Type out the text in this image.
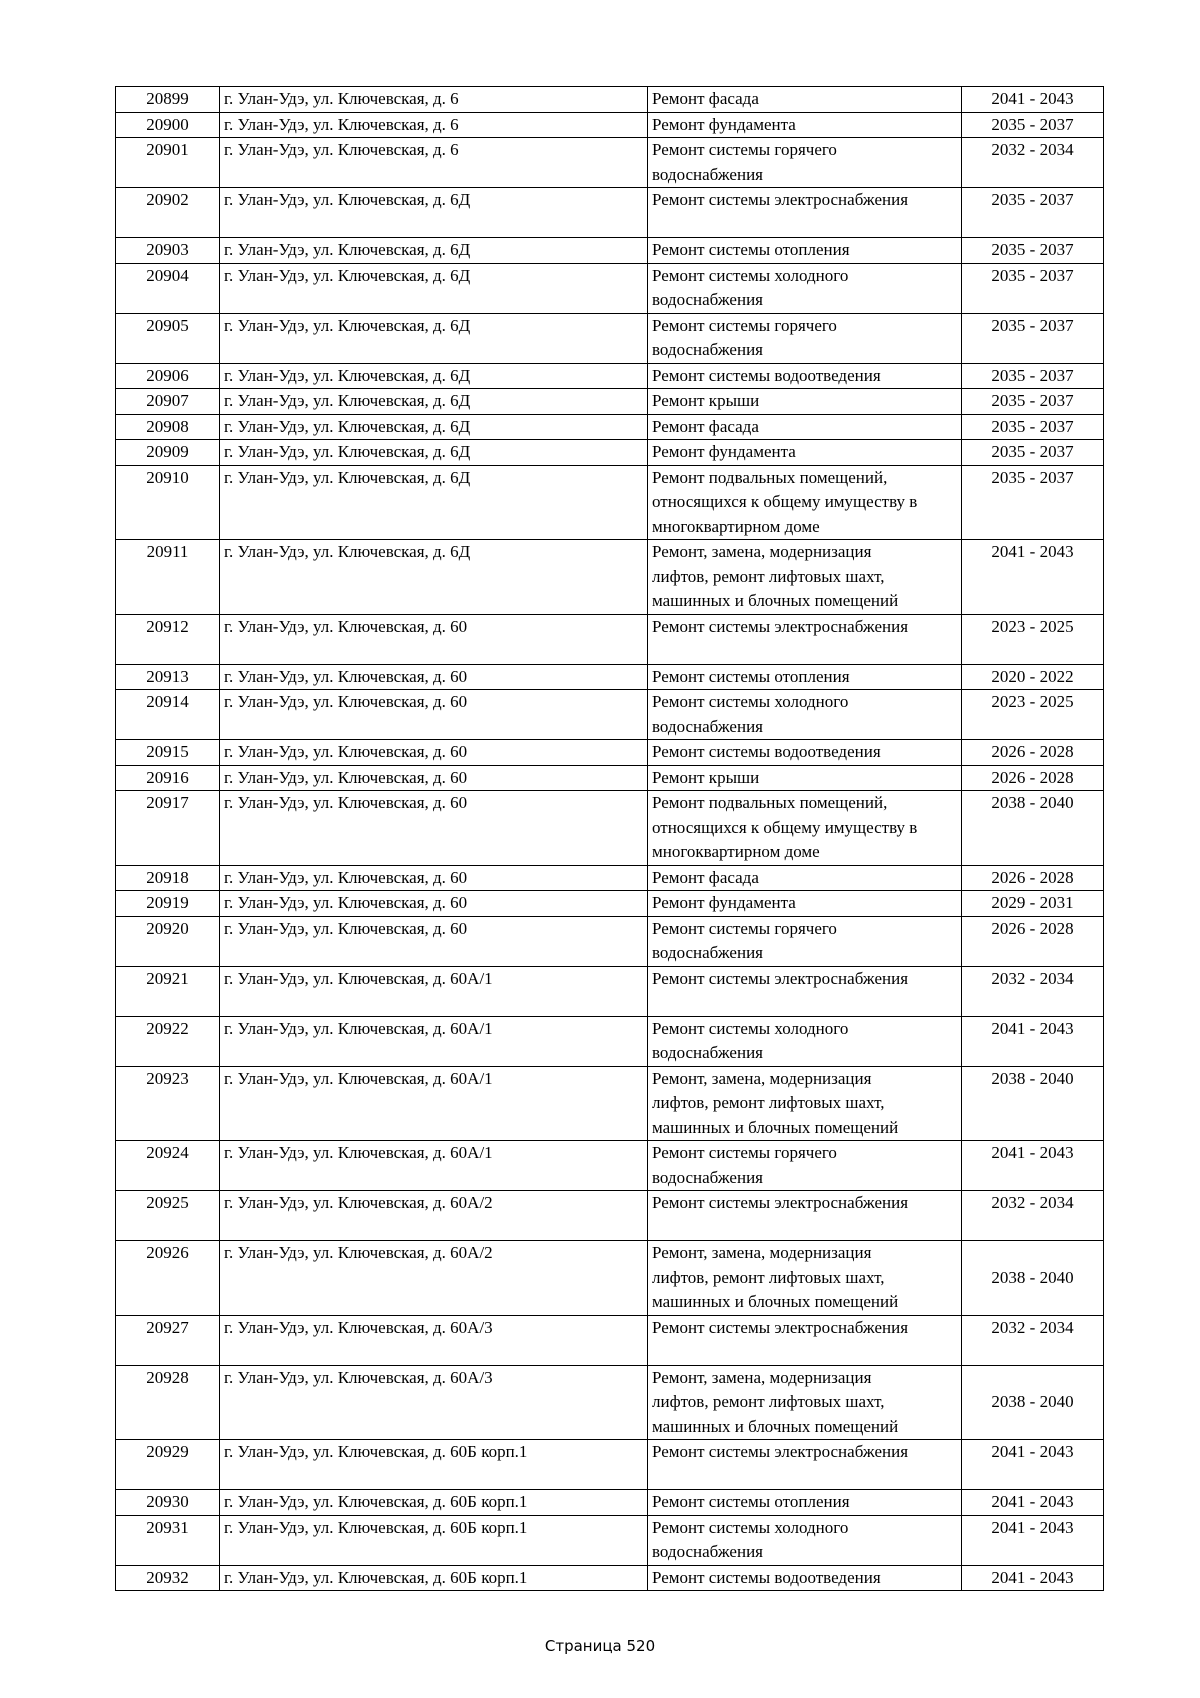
20899	г. Улан-Удэ, ул. Ключевская, д. 6	Ремонт фасада	2041 - 2043
20900	г. Улан-Удэ, ул. Ключевская, д. 6	Ремонт фундамента	2035 - 2037
20901	г. Улан-Удэ, ул. Ключевская, д. 6	Ремонт системы горячего
водоснабжения	2032 - 2034
20902	г. Улан-Удэ, ул. Ключевская, д. 6Д	Ремонт системы электроснабжения	2035 - 2037
20903	г. Улан-Удэ, ул. Ключевская, д. 6Д	Ремонт системы отопления	2035 - 2037
20904	г. Улан-Удэ, ул. Ключевская, д. 6Д	Ремонт системы холодного
водоснабжения	2035 - 2037
20905	г. Улан-Удэ, ул. Ключевская, д. 6Д	Ремонт системы горячего
водоснабжения	2035 - 2037
20906	г. Улан-Удэ, ул. Ключевская, д. 6Д	Ремонт системы водоотведения	2035 - 2037
20907	г. Улан-Удэ, ул. Ключевская, д. 6Д	Ремонт крыши	2035 - 2037
20908	г. Улан-Удэ, ул. Ключевская, д. 6Д	Ремонт фасада	2035 - 2037
20909	г. Улан-Удэ, ул. Ключевская, д. 6Д	Ремонт фундамента	2035 - 2037
20910	г. Улан-Удэ, ул. Ключевская, д. 6Д	Ремонт подвальных помещений,
относящихся к общему имуществу в
многоквартирном доме	2035 - 2037
20911	г. Улан-Удэ, ул. Ключевская, д. 6Д	Ремонт, замена, модернизация
лифтов, ремонт лифтовых шахт,
машинных и блочных помещений	2041 - 2043
20912	г. Улан-Удэ, ул. Ключевская, д. 60	Ремонт системы электроснабжения	2023 - 2025
20913	г. Улан-Удэ, ул. Ключевская, д. 60	Ремонт системы отопления	2020 - 2022
20914	г. Улан-Удэ, ул. Ключевская, д. 60	Ремонт системы холодного
водоснабжения	2023 - 2025
20915	г. Улан-Удэ, ул. Ключевская, д. 60	Ремонт системы водоотведения	2026 - 2028
20916	г. Улан-Удэ, ул. Ключевская, д. 60	Ремонт крыши	2026 - 2028
20917	г. Улан-Удэ, ул. Ключевская, д. 60	Ремонт подвальных помещений,
относящихся к общему имуществу в
многоквартирном доме	2038 - 2040
20918	г. Улан-Удэ, ул. Ключевская, д. 60	Ремонт фасада	2026 - 2028
20919	г. Улан-Удэ, ул. Ключевская, д. 60	Ремонт фундамента	2029 - 2031
20920	г. Улан-Удэ, ул. Ключевская, д. 60	Ремонт системы горячего
водоснабжения	2026 - 2028
20921	г. Улан-Удэ, ул. Ключевская, д. 60А/1	Ремонт системы электроснабжения	2032 - 2034
20922	г. Улан-Удэ, ул. Ключевская, д. 60А/1	Ремонт системы холодного
водоснабжения	2041 - 2043
20923	г. Улан-Удэ, ул. Ключевская, д. 60А/1	Ремонт, замена, модернизация
лифтов, ремонт лифтовых шахт,
машинных и блочных помещений	2038 - 2040
20924	г. Улан-Удэ, ул. Ключевская, д. 60А/1	Ремонт системы горячего
водоснабжения	2041 - 2043
20925	г. Улан-Удэ, ул. Ключевская, д. 60А/2	Ремонт системы электроснабжения	2032 - 2034
20926	г. Улан-Удэ, ул. Ключевская, д. 60А/2	Ремонт, замена, модернизация
лифтов, ремонт лифтовых шахт,
машинных и блочных помещений	2038 - 2040
20927	г. Улан-Удэ, ул. Ключевская, д. 60А/3	Ремонт системы электроснабжения	2032 - 2034
20928	г. Улан-Удэ, ул. Ключевская, д. 60А/3	Ремонт, замена, модернизация
лифтов, ремонт лифтовых шахт,
машинных и блочных помещений	2038 - 2040
20929	г. Улан-Удэ, ул. Ключевская, д. 60Б корп.1	Ремонт системы электроснабжения	2041 - 2043
20930	г. Улан-Удэ, ул. Ключевская, д. 60Б корп.1	Ремонт системы отопления	2041 - 2043
20931	г. Улан-Удэ, ул. Ключевская, д. 60Б корп.1	Ремонт системы холодного
водоснабжения	2041 - 2043
20932	г. Улан-Удэ, ул. Ключевская, д. 60Б корп.1	Ремонт системы водоотведения	2041 - 2043
Страница 520
